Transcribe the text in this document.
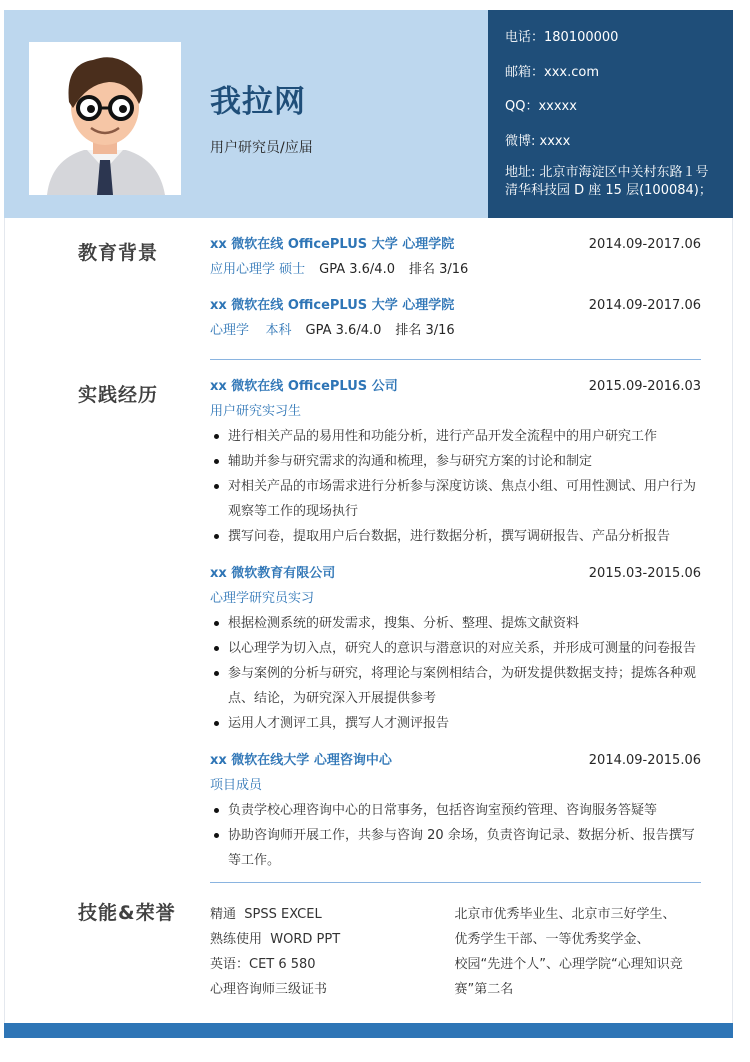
我拉网
用户研究员/应届
电话：180100000
邮箱：xxx.com
QQ：xxxxx
微博: xxxx
地址: 北京市海淀区中关村东路１号
清华科技园 D 座 15 层(100084)；
教育背景
实践经历
技能&荣誉
xx 微软在线 OfficePLUS 大学 心理学院	2014.09-2017.06
应用心理学 硕士 GPA 3.6/4.0 排名 3/16
xx 微软在线 OfficePLUS 大学 心理学院	2014.09-2017.06
心理学    本科 GPA 3.6/4.0 排名 3/16
xx 微软在线 OfficePLUS 公司	2015.09-2016.03
用户研究实习生
进行相关产品的易用性和功能分析，进行产品开发全流程中的用户研究工作
辅助并参与研究需求的沟通和梳理，参与研究方案的讨论和制定
对相关产品的市场需求进行分析参与深度访谈、焦点小组、可用性测试、用户行为观察等工作的现场执行
撰写问卷，提取用户后台数据，进行数据分析，撰写调研报告、产品分析报告
xx 微软教育有限公司	2015.03-2015.06
心理学研究员实习
根据检测系统的研发需求，搜集、分析、整理、提炼文献资料
以心理学为切入点，研究人的意识与潜意识的对应关系，并形成可测量的问卷报告
参与案例的分析与研究，将理论与案例相结合，为研发提供数据支持；提炼各种观点、结论，为研究深入开展提供参考
运用人才测评工具，撰写人才测评报告
xx 微软在线大学 心理咨询中心	2014.09-2015.06
项目成员
负责学校心理咨询中心的日常事务，包括咨询室预约管理、咨询服务答疑等
协助咨询师开展工作，共参与咨询 20 余场，负责咨询记录、数据分析、报告撰写等工作。
精通  SPSS EXCEL
熟练使用  WORD PPT
英语：CET 6 580
心理咨询师三级证书
北京市优秀毕业生、北京市三好学生、
优秀学生干部、一等优秀奖学金、
校园“先进个人”、心理学院“心理知识竞
赛”第二名
